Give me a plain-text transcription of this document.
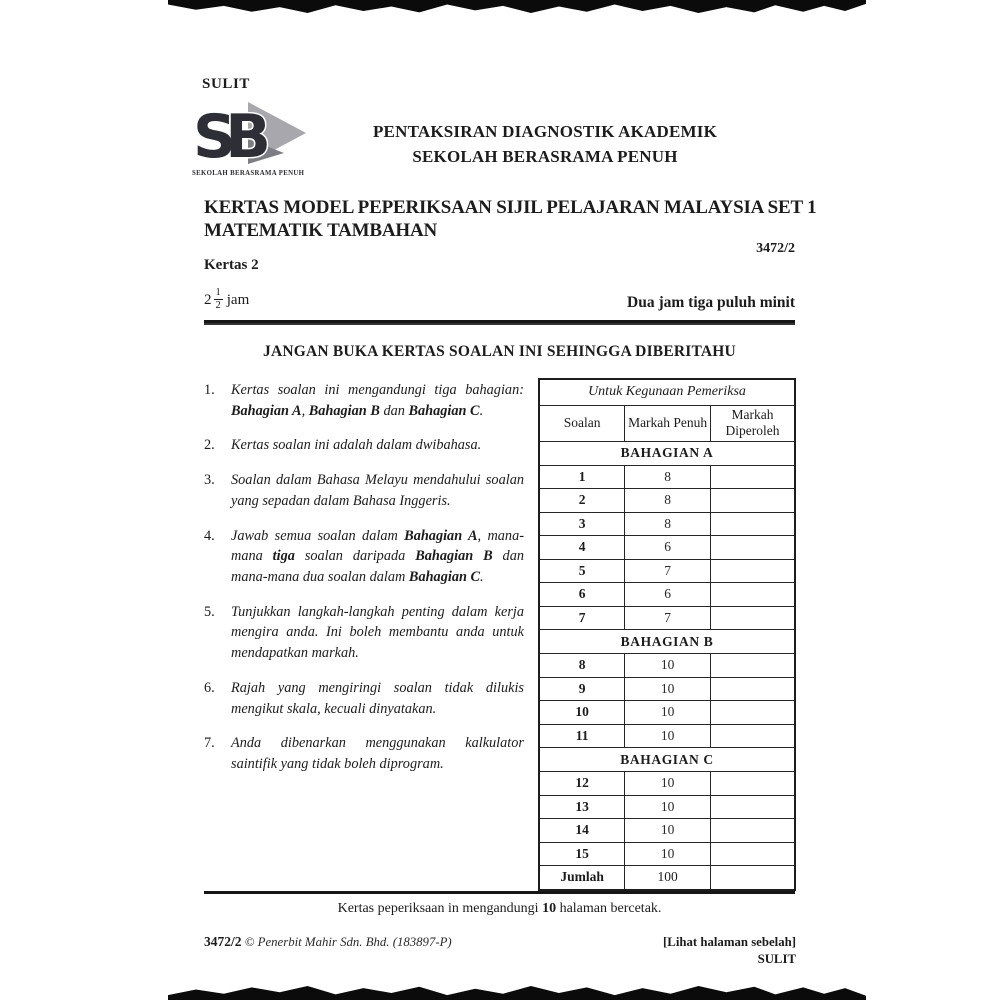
SULIT
SB
SEKOLAH BERASRAMA PENUH
PENTAKSIRAN DIAGNOSTIK AKADEMIK
SEKOLAH BERASRAMA PENUH
KERTAS MODEL PEPERIKSAAN SIJIL PELAJARAN MALAYSIA SET 1
MATEMATIK TAMBAHAN
3472/2
Kertas 2
$2 \frac{1}{2}$ jam	Dua jam tiga puluh minit
JANGAN BUKA KERTAS SOALAN INI SEHINGGA DIBERITAHU
1.	Kertas soalan ini mengandungi tiga bahagian: Bahagian A, Bahagian B dan Bahagian C.
2.	Kertas soalan ini adalah dalam dwibahasa.
3.	Soalan dalam Bahasa Melayu mendahului soalan yang sepadan dalam Bahasa Inggeris.
4.	Jawab semua soalan dalam Bahagian A, mana-mana tiga soalan daripada Bahagian B dan mana-mana dua soalan dalam Bahagian C.
5.	Tunjukkan langkah-langkah penting dalam kerja mengira anda. Ini boleh membantu anda untuk mendapatkan markah.
6.	Rajah yang mengiringi soalan tidak dilukis mengikut skala, kecuali dinyatakan.
7.	Anda dibenarkan menggunakan kalkulator saintifik yang tidak boleh diprogram.
Untuk Kegunaan Pemeriksa		
Soalan	Markah Penuh	Markah Diperoleh
BAHAGIAN A		
1	8	
2	8	
3	8	
4	6	
5	7	
6	6	
7	7	
BAHAGIAN B		
8	10	
9	10	
10	10	
11	10	
BAHAGIAN C		
12	10	
13	10	
14	10	
15	10	
Jumlah	100	
Kertas peperiksaan in mengandungi 10 halaman bercetak.
3472/2 © Penerbit Mahir Sdn. Bhd. (183897-P)	[Lihat halaman sebelah]
SULIT
